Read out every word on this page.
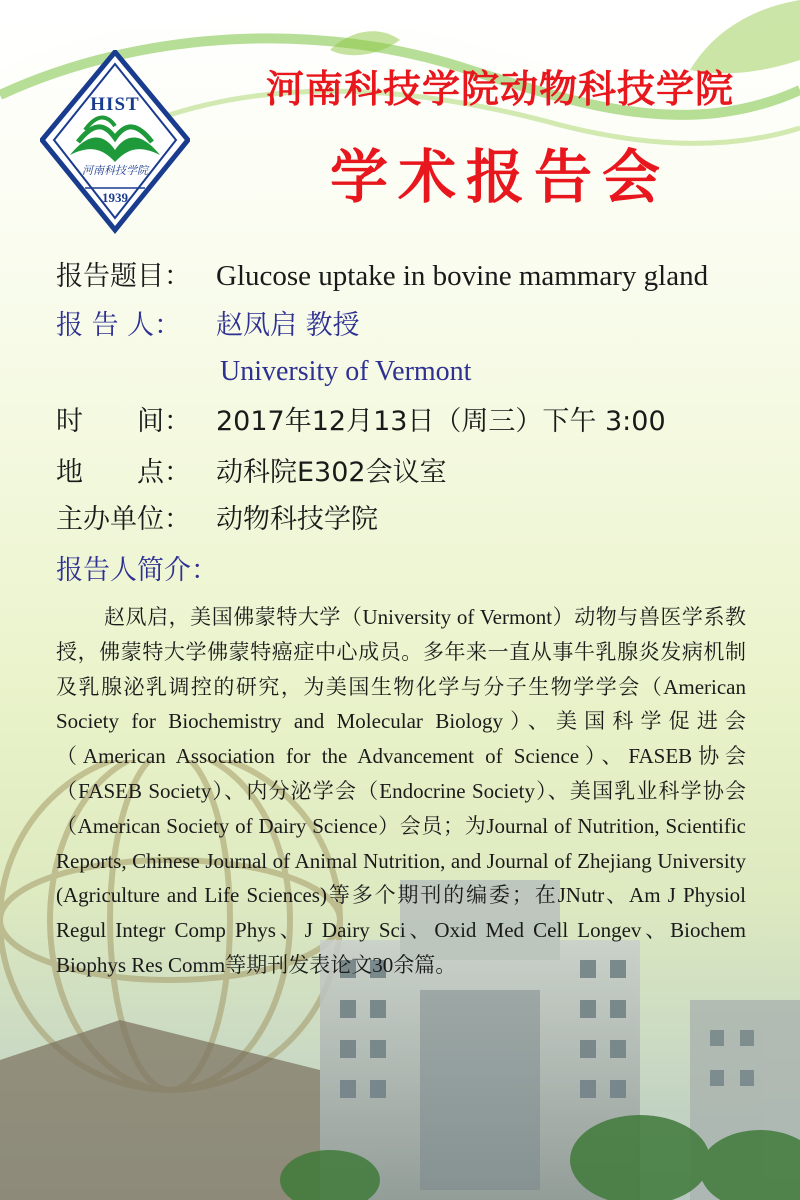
HIST
河南科技学院
1939
河南科技学院动物科技学院
学术报告会
报告题目： Glucose uptake in bovine mammary gland
报 告 人： 赵凤启 教授
University of Vermont
时　　间： 2017年12月13日（周三）下午 3:00
地　　点： 动科院E302会议室
主办单位： 动物科技学院
报告人简介：
赵凤启，美国佛蒙特大学（University of Vermont）动物与兽医学系教授，佛蒙特大学佛蒙特癌症中心成员。多年来一直从事牛乳腺炎发病机制及乳腺泌乳调控的研究，为美国生物化学与分子生物学学会（American Society for Biochemistry and Molecular Biology）、美国科学促进会（American Association for the Advancement of Science）、FASEB协会（FASEB Society）、内分泌学会（Endocrine Society）、美国乳业科学协会（American Society of Dairy Science）会员；为Journal of Nutrition, Scientific Reports, Chinese Journal of Animal Nutrition, and Journal of Zhejiang University (Agriculture and Life Sciences)等多个期刊的编委；在JNutr、Am J Physiol Regul Integr Comp Phys、J Dairy Sci、Oxid Med Cell Longev、Biochem Biophys Res Comm等期刊发表论文30余篇。
